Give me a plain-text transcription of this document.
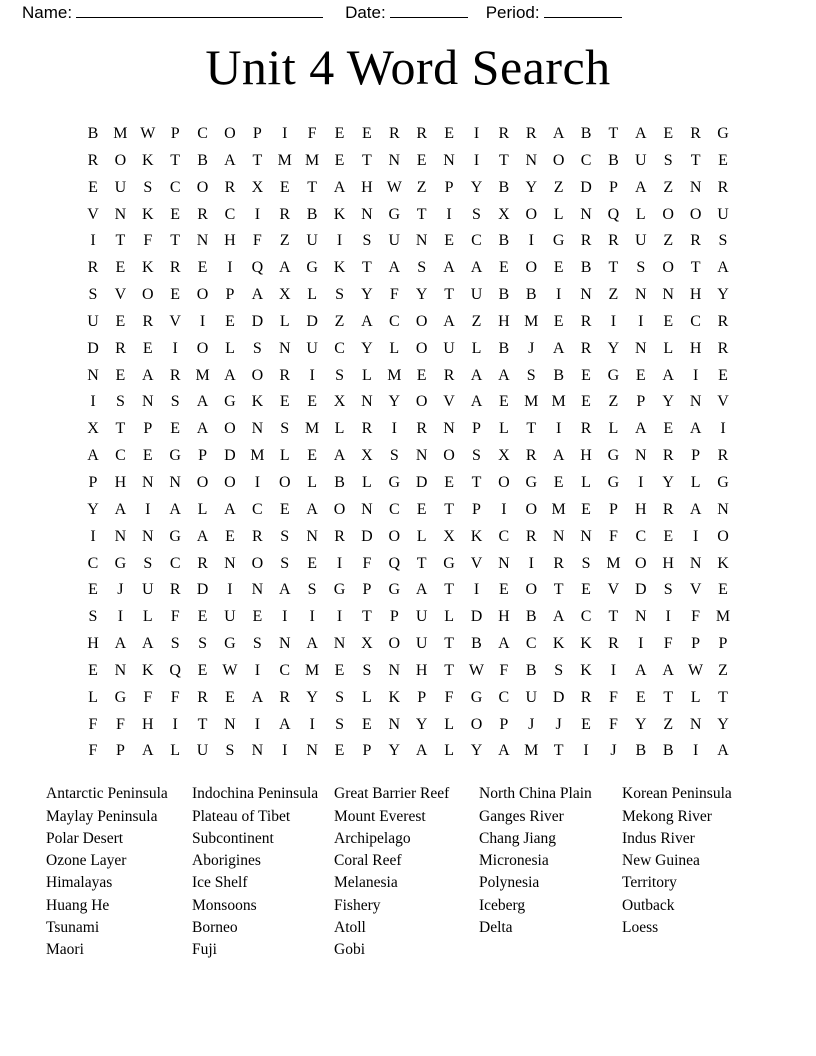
Name:	Date:	Period:
Unit 4 Word Search
B M W P	C	O	P	I	F	E	E	R	R	E	I	R	R	A	B	T	A	E	R	G
R	O K	T	B	A	T M M E	T	N	E	N	I	T	N O	C	B	U	S	T	E
E	U	S	C	O	R	X	E	T	A H W Z	P	Y	B	Y	Z	D	P	A	Z	N	R
V N K	E	R	C	I	R	B	K N G	T	I	S	X O	L	N Q	L	O O U
I	T	F	T	N H	F	Z	U	I	S	U N	E	C	B	I	G	R	R	U	Z	R	S
R	E	K	R	E	I	Q A G K	T	A	S	A A	E	O	E	B	T	S	O	T	A
S	V O	E	O	P	A X	L	S	Y	F	Y	T	U	B	B	I	N	Z	N N H Y
U	E	R	V	I	E	D	L	D	Z	A	C	O A	Z	H M E	R	I	I	E	C	R
D	R	E	I	O	L	S	N U	C	Y	L	O U	L	B	J	A	R	Y N	L	H	R
N	E	A	R M A O	R	I	S	L M E	R	A A	S	B	E	G	E	A	I	E
I	S	N	S	A G K	E	E	X N Y O V A	E M M E	Z	P	Y N V
X	T	P	E	A O N	S M L	R	I	R	N	P	L	T	I	R	L	A	E	A	I
A	C	E	G	P	D M L	E	A X	S	N O	S	X	R	A H G N	R	P	R
P	H N N O O	I	O	L	B	L	G D	E	T	O G	E	L	G	I	Y	L	G
Y A	I	A	L	A	C	E	A O N	C	E	T	P	I	O M E	P	H	R	A N
I	N N G A	E	R	S	N	R	D O	L	X K	C	R	N N	F	C	E	I	O
C	G	S	C	R	N O	S	E	I	F	Q	T	G V N	I	R	S M O H N K
E	J	U	R	D	I	N A	S	G	P	G A	T	I	E	O	T	E	V D	S	V	E
S	I	L	F	E	U	E	I	I	I	T	P	U	L	D H	B	A	C	T	N	I	F M
H A A	S	S	G	S	N A N X O U	T	B	A	C	K K	R	I	F	P	P
E	N K Q	E W	I	C M E	S	N H	T W F	B	S	K	I	A A W Z
L	G	F	F	R	E	A	R	Y	S	L	K	P	F	G	C	U D	R	F	E	T	L	T
F	F	H	I	T	N	I	A	I	S	E	N Y	L	O	P	J	J	E	F	Y	Z	N Y
F	P	A	L	U	S	N	I	N	E	P	Y A	L	Y A M T	I	J	B	B	I	A
Antarctic Peninsula	Indochina Peninsula	Great Barrier Reef	North China Plain	Korean Peninsula
Maylay Peninsula	Plateau of Tibet	Mount Everest	Ganges River	Mekong River
Polar Desert	Subcontinent	Archipelago	Chang Jiang	Indus River
Ozone Layer	Aborigines	Coral Reef	Micronesia	New Guinea
Himalayas	Ice Shelf	Melanesia	Polynesia	Territory
Huang He	Monsoons	Fishery	Iceberg	Outback
Tsunami	Borneo	Atoll	Delta	Loess
Maori	Fuji	Gobi
